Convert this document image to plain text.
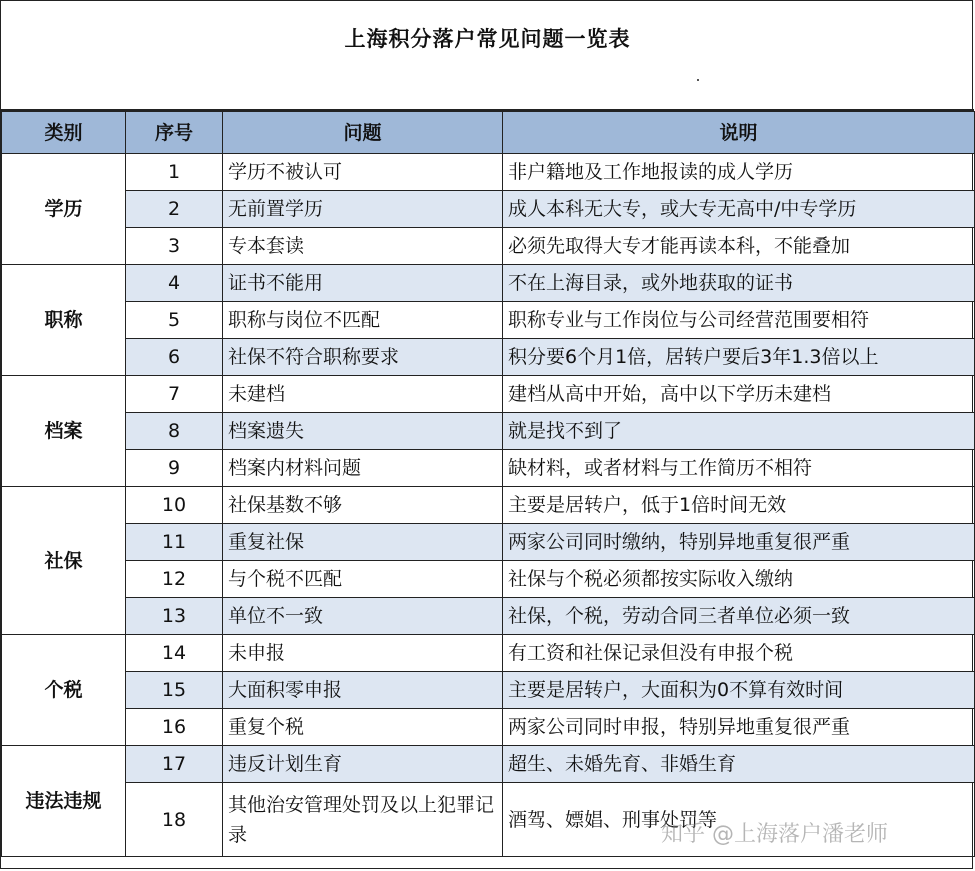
上海积分落户常见问题一览表
类别	序号	问题	说明
学历	1	学历不被认可	非户籍地及工作地报读的成人学历
	2	无前置学历	成人本科无大专，或大专无高中/中专学历
	3	专本套读	必须先取得大专才能再读本科，不能叠加
职称	4	证书不能用	不在上海目录，或外地获取的证书
	5	职称与岗位不匹配	职称专业与工作岗位与公司经营范围要相符
	6	社保不符合职称要求	积分要6个月1倍，居转户要后3年1.3倍以上
档案	7	未建档	建档从高中开始，高中以下学历未建档
	8	档案遗失	就是找不到了
	9	档案内材料问题	缺材料，或者材料与工作简历不相符
社保	10	社保基数不够	主要是居转户，低于1倍时间无效
	11	重复社保	两家公司同时缴纳，特别异地重复很严重
	12	与个税不匹配	社保与个税必须都按实际收入缴纳
	13	单位不一致	社保，个税，劳动合同三者单位必须一致
个税	14	未申报	有工资和社保记录但没有申报个税
	15	大面积零申报	主要是居转户，大面积为0不算有效时间
	16	重复个税	两家公司同时申报，特别异地重复很严重
违法违规	17	违反计划生育	超生、未婚先育、非婚生育
	18	其他治安管理处罚及以上犯罪记录	酒驾、嫖娼、刑事处罚等
知乎 @上海落户潘老师
